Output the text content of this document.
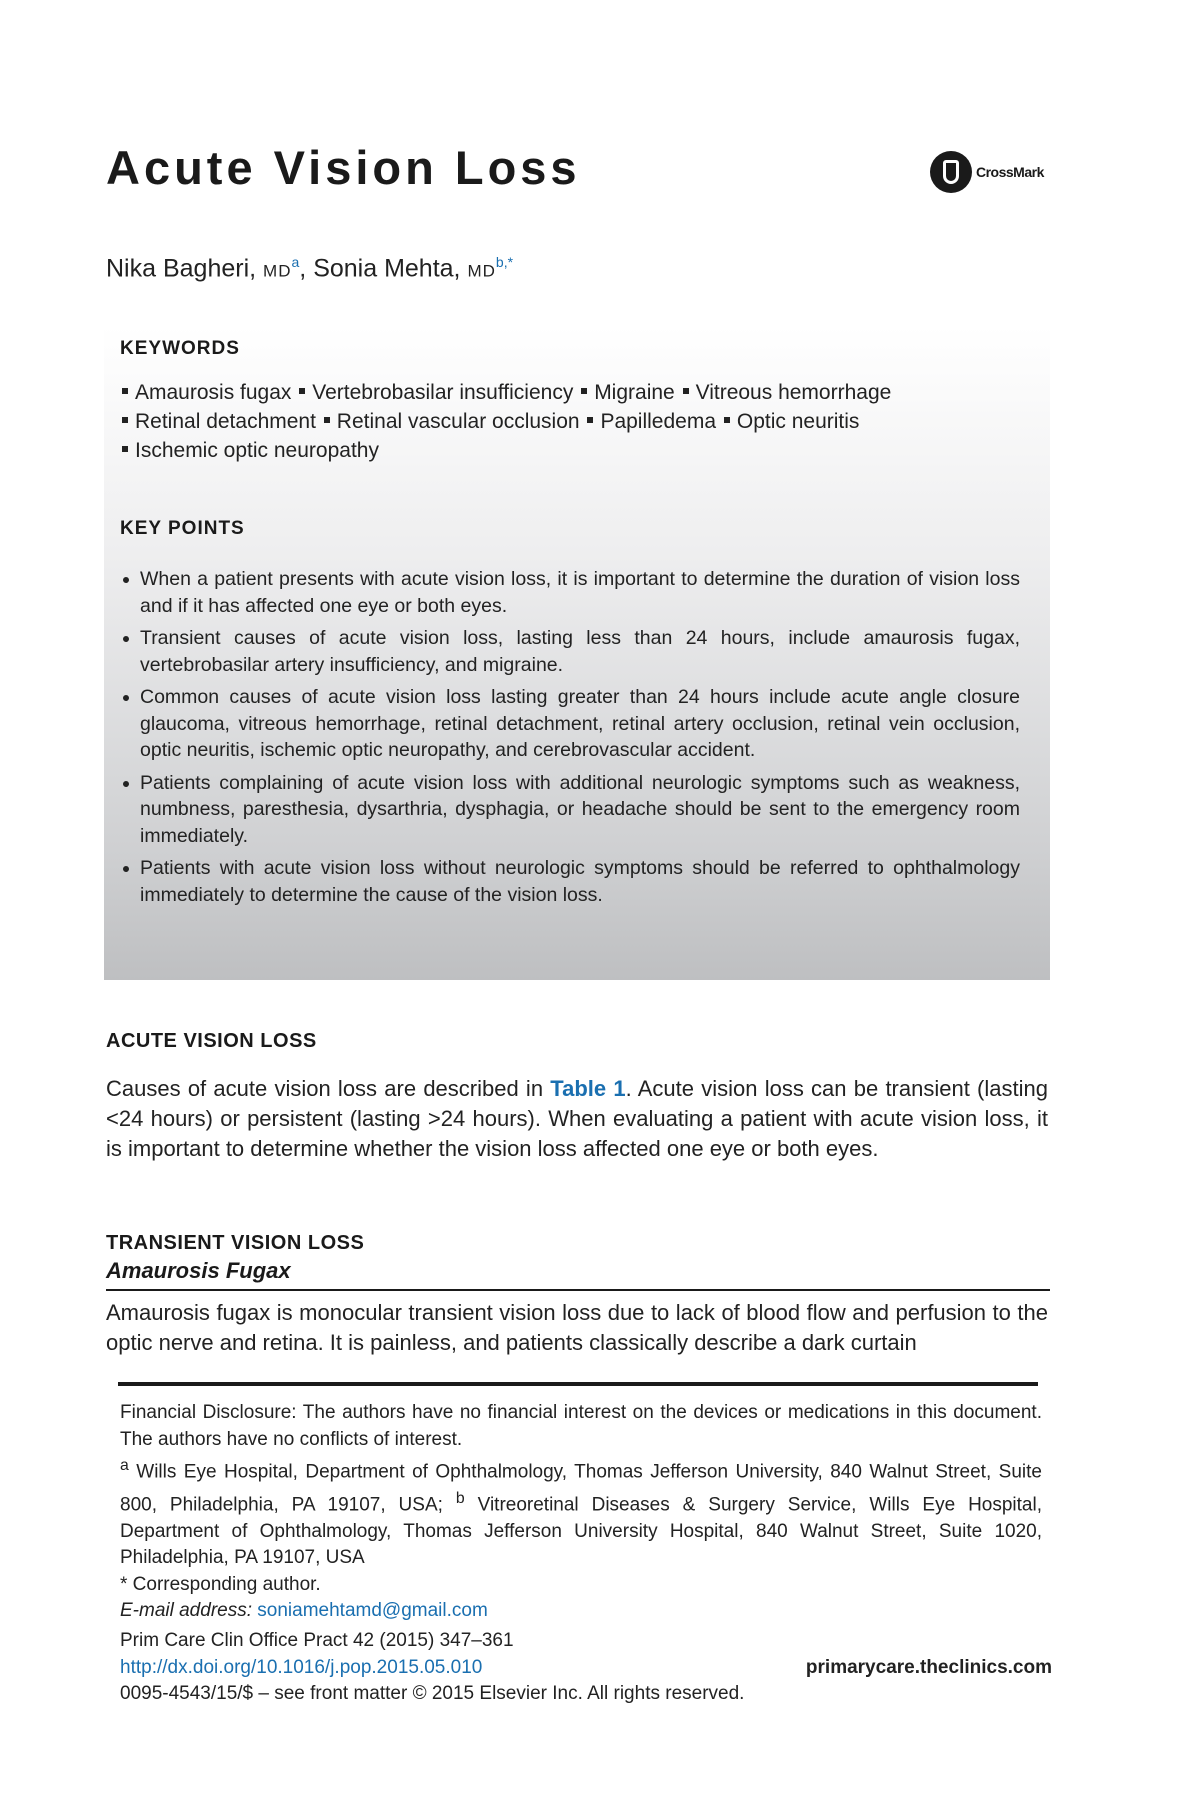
Acute Vision Loss	CrossMark
Nika Bagheri, $MD^a$, Sonia Mehta, $MD^{b,*}$
KEYWORDS
Amaurosis fugax Vertebrobasilar insufficiency Migraine Vitreous hemorrhage
Retinal detachment Retinal vascular occlusion Papilledema Optic neuritis
Ischemic optic neuropathy
KEY POINTS
When a patient presents with acute vision loss, it is important to determine the duration of vision loss and if it has affected one eye or both eyes.
Transient causes of acute vision loss, lasting less than 24 hours, include amaurosis fugax, vertebrobasilar artery insufficiency, and migraine.
Common causes of acute vision loss lasting greater than 24 hours include acute angle closure glaucoma, vitreous hemorrhage, retinal detachment, retinal artery occlusion, retinal vein occlusion, optic neuritis, ischemic optic neuropathy, and cerebrovascular accident.
Patients complaining of acute vision loss with additional neurologic symptoms such as weakness, numbness, paresthesia, dysarthria, dysphagia, or headache should be sent to the emergency room immediately.
Patients with acute vision loss without neurologic symptoms should be referred to ophthalmology immediately to determine the cause of the vision loss.
ACUTE VISION LOSS
Causes of acute vision loss are described in Table 1. Acute vision loss can be transient (lasting <24 hours) or persistent (lasting >24 hours). When evaluating a patient with acute vision loss, it is important to determine whether the vision loss affected one eye or both eyes.
TRANSIENT VISION LOSS
Amaurosis Fugax
Amaurosis fugax is monocular transient vision loss due to lack of blood flow and perfusion to the optic nerve and retina. It is painless, and patients classically describe a dark curtain
Financial Disclosure: The authors have no financial interest on the devices or medications in this document. The authors have no conflicts of interest.
$^a$ Wills Eye Hospital, Department of Ophthalmology, Thomas Jefferson University, 840 Walnut Street, Suite 800, Philadelphia, PA 19107, USA; $^b$ Vitreoretinal Diseases & Surgery Service, Wills Eye Hospital, Department of Ophthalmology, Thomas Jefferson University Hospital, 840 Walnut Street, Suite 1020, Philadelphia, PA 19107, USA
* Corresponding author.
E-mail address: soniamehtamd@gmail.com
Prim Care Clin Office Pract 42 (2015) 347–361
http://dx.doi.org/10.1016/j.pop.2015.05.010	primarycare.theclinics.com
0095-4543/15/$ – see front matter © 2015 Elsevier Inc. All rights reserved.
